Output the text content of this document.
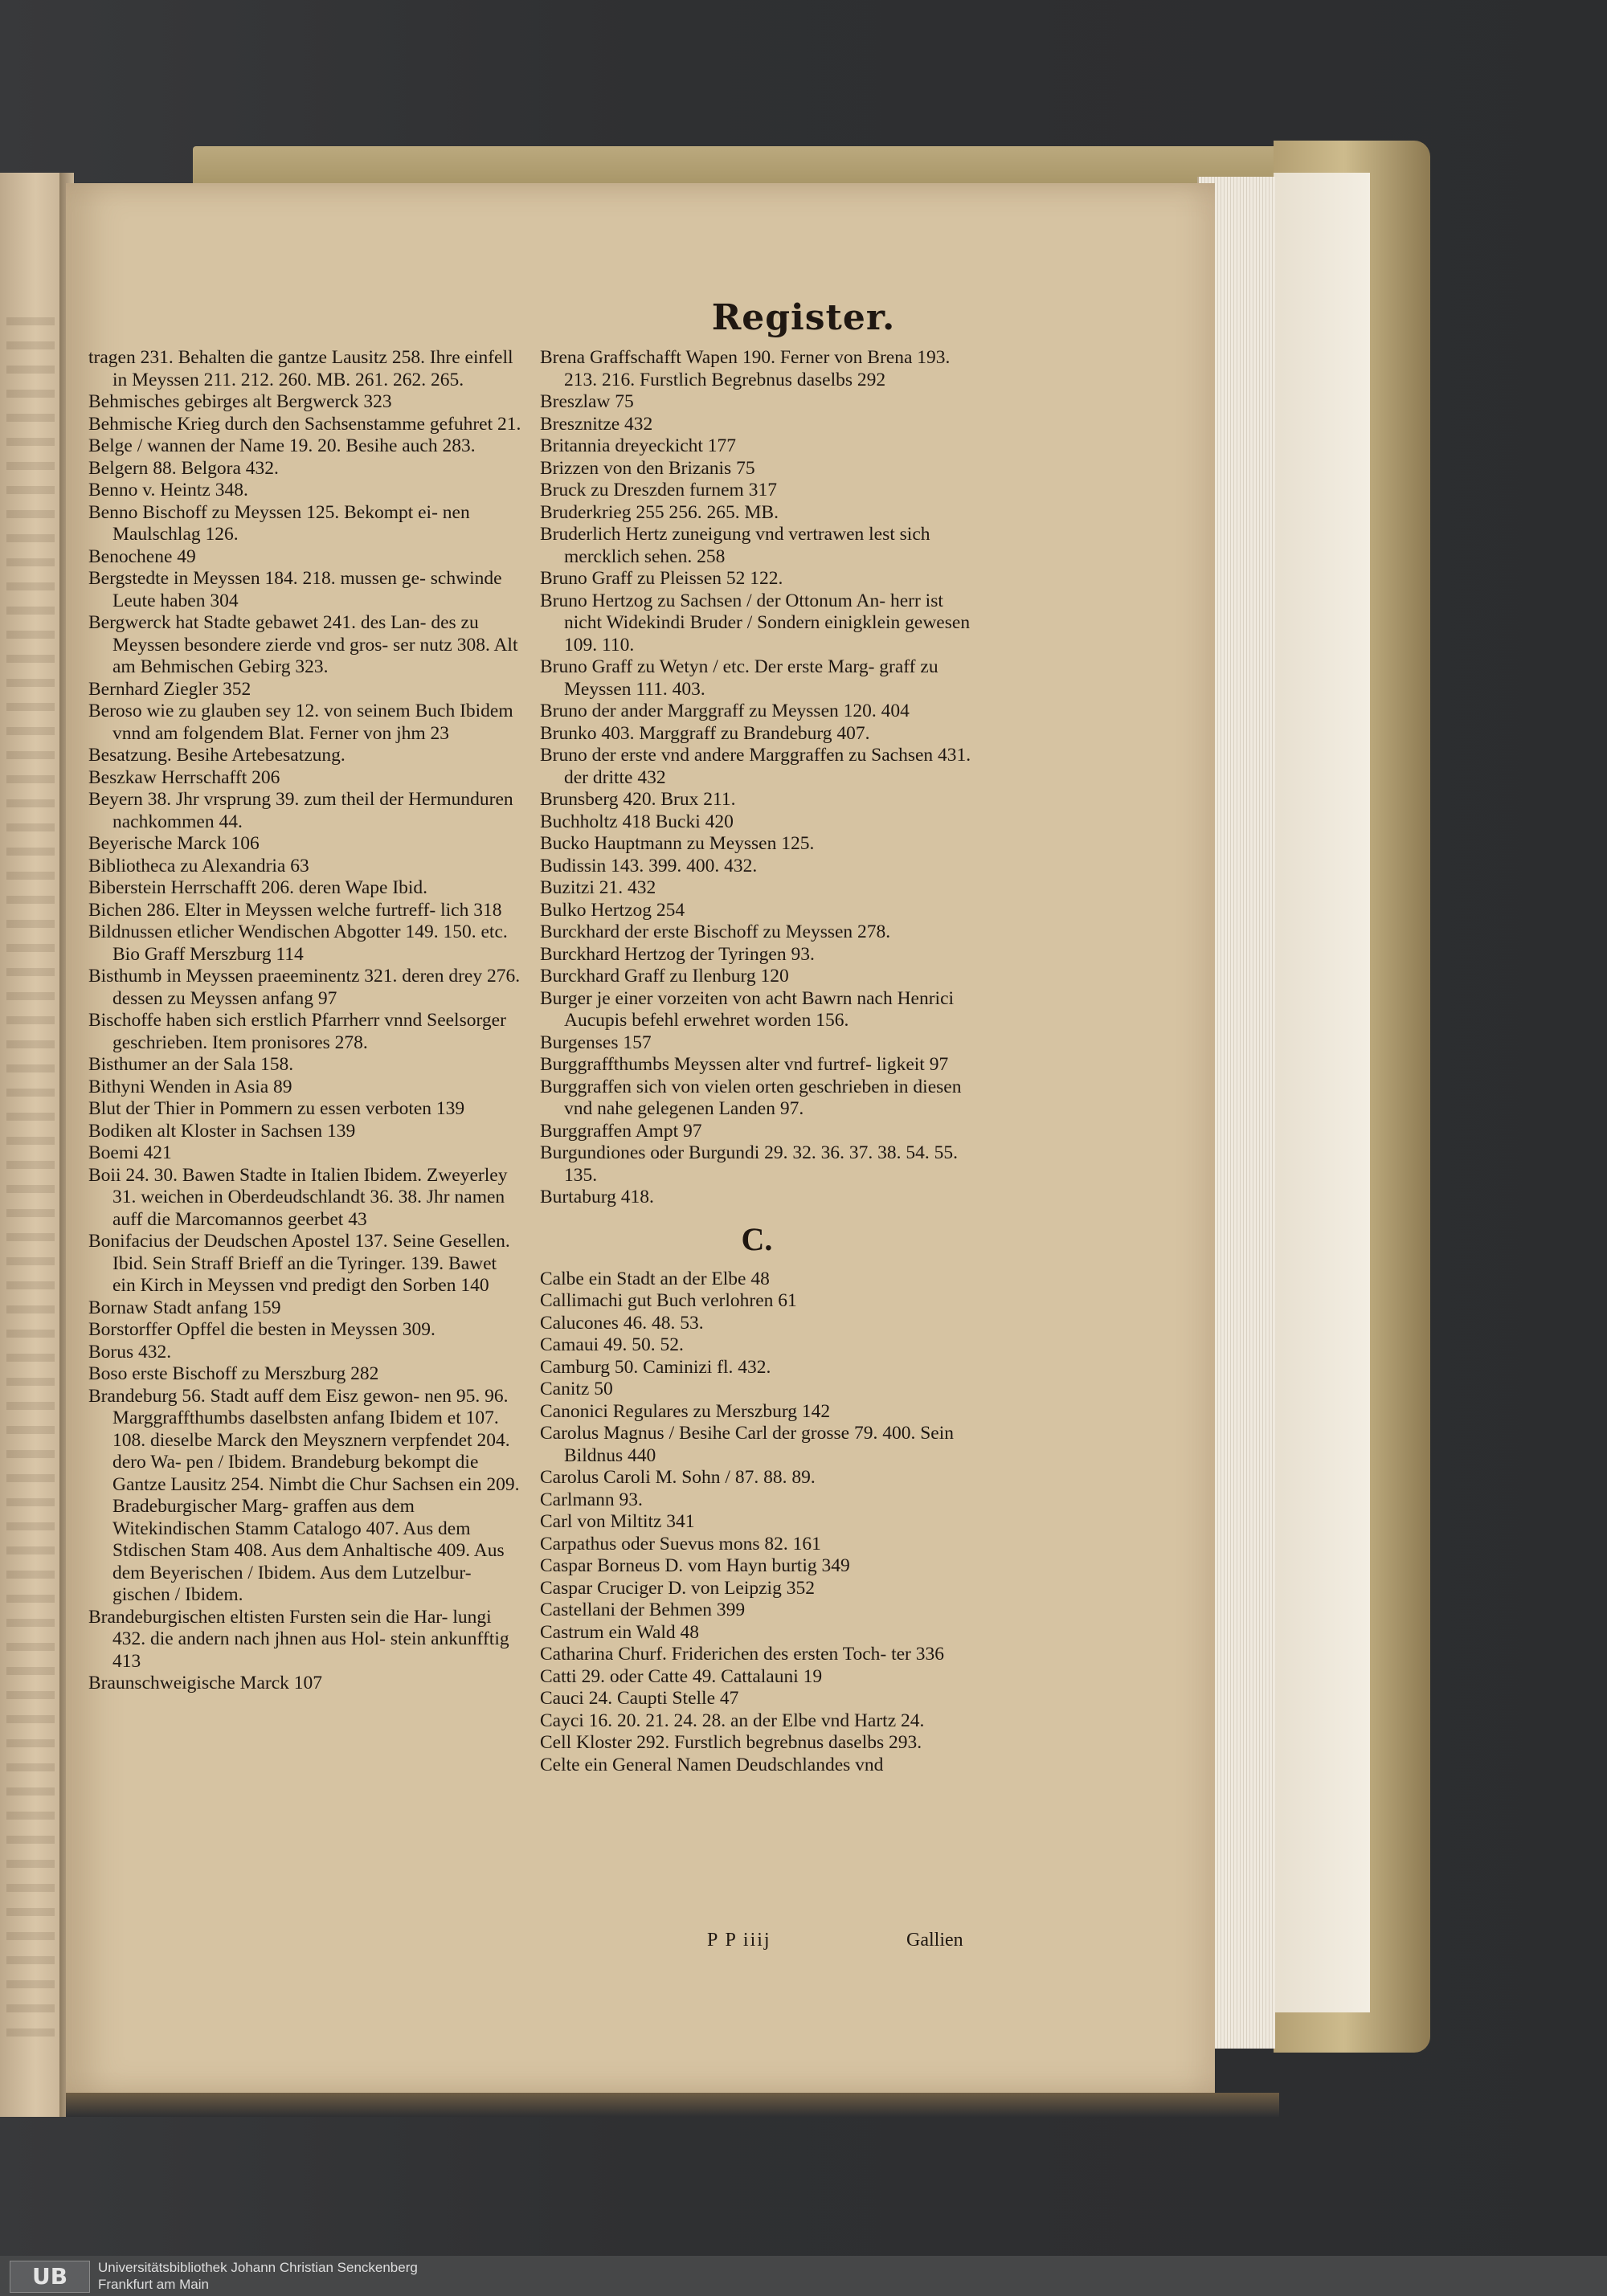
Register.

tragen 231. Behalten die gantze Lausitz 258. Ihre einfell in Meyssen 211. 212. 260. MB. 261. 262. 265.

Behmisches gebirges alt Bergwerck 323

Behmische Krieg durch den Sachsenstamme gefuhret 21.

Belge / wannen der Name 19. 20. Besihe auch 283.

Belgern 88. Belgora 432.

Benno v. Heintz 348.

Benno Bischoff zu Meyssen 125. Bekompt ei- nen Maulschlag 126.

Benochene 49

Bergstedte in Meyssen 184. 218. mussen ge- schwinde Leute haben 304

Bergwerck hat Stadte gebawet 241. des Lan- des zu Meyssen besondere zierde vnd gros- ser nutz 308. Alt am Behmischen Gebirg 323.

Bernhard Ziegler 352

Beroso wie zu glauben sey 12. von seinem Buch Ibidem vnnd am folgendem Blat. Ferner von jhm 23

Besatzung. Besihe Artebesatzung.

Beszkaw Herrschafft 206

Beyern 38. Jhr vrsprung 39. zum theil der Hermunduren nachkommen 44.

Beyerische Marck 106

Bibliotheca zu Alexandria 63

Biberstein Herrschafft 206. deren Wape Ibid.

Bichen 286. Elter in Meyssen welche furtreff- lich 318

Bildnussen etlicher Wendischen Abgotter 149. 150. etc. Bio Graff Merszburg 114

Bisthumb in Meyssen praeeminentz 321. deren drey 276. dessen zu Meyssen anfang 97

Bischoffe haben sich erstlich Pfarrherr vnnd Seelsorger geschrieben. Item pronisores 278.

Bisthumer an der Sala 158.

Bithyni Wenden in Asia 89

Blut der Thier in Pommern zu essen verboten 139

Bodiken alt Kloster in Sachsen 139

Boemi 421

Boii 24. 30. Bawen Stadte in Italien Ibidem. Zweyerley 31. weichen in Oberdeudschlandt 36. 38. Jhr namen auff die Marcomannos geerbet 43

Bonifacius der Deudschen Apostel 137. Seine Gesellen. Ibid. Sein Straff Brieff an die Tyringer. 139. Bawet ein Kirch in Meyssen vnd predigt den Sorben 140

Bornaw Stadt anfang 159

Borstorffer Opffel die besten in Meyssen 309.

Borus 432.

Boso erste Bischoff zu Merszburg 282

Brandeburg 56. Stadt auff dem Eisz gewon- nen 95. 96. Marggraffthumbs daselbsten anfang Ibidem et 107. 108. dieselbe Marck den Meysznern verpfendet 204. dero Wa- pen / Ibidem. Brandeburg bekompt die Gantze Lausitz 254. Nimbt die Chur Sachsen ein 209. Bradeburgischer Marg- graffen aus dem Witekindischen Stamm Catalogo 407. Aus dem Stdischen Stam 408. Aus dem Anhaltische 409. Aus dem Beyerischen / Ibidem. Aus dem Lutzelbur- gischen / Ibidem.

Brandeburgischen eltisten Fursten sein die Har- lungi 432. die andern nach jhnen aus Hol- stein ankunfftig 413

Braunschweigische Marck 107

Brena Graffschafft Wapen 190. Ferner von Brena 193. 213. 216. Furstlich Begrebnus daselbs 292

Breszlaw 75

Bresznitze 432

Britannia dreyeckicht 177

Brizzen von den Brizanis 75

Bruck zu Dreszden furnem 317

Bruderkrieg 255 256. 265. MB.

Bruderlich Hertz zuneigung vnd vertrawen lest sich mercklich sehen. 258

Bruno Graff zu Pleissen 52 122.

Bruno Hertzog zu Sachsen / der Ottonum An- herr ist nicht Widekindi Bruder / Sondern einigklein gewesen 109. 110.

Bruno Graff zu Wetyn / etc. Der erste Marg- graff zu Meyssen 111. 403.

Bruno der ander Marggraff zu Meyssen 120. 404

Brunko 403. Marggraff zu Brandeburg 407.

Bruno der erste vnd andere Marggraffen zu Sachsen 431. der dritte 432

Brunsberg 420. Brux 211.

Buchholtz 418 Bucki 420

Bucko Hauptmann zu Meyssen 125.

Budissin 143. 399. 400. 432.

Buzitzi 21. 432

Bulko Hertzog 254

Burckhard der erste Bischoff zu Meyssen 278.

Burckhard Hertzog der Tyringen 93.

Burckhard Graff zu Ilenburg 120

Burger je einer vorzeiten von acht Bawrn nach Henrici Aucupis befehl erwehret worden 156.

Burgenses 157

Burggraffthumbs Meyssen alter vnd furtref- ligkeit 97

Burggraffen sich von vielen orten geschrieben in diesen vnd nahe gelegenen Landen 97.

Burggraffen Ampt 97

Burgundiones oder Burgundi 29. 32. 36. 37. 38. 54. 55. 135.

Burtaburg 418.

C.

Calbe ein Stadt an der Elbe 48

Callimachi gut Buch verlohren 61

Calucones 46. 48. 53.

Camaui 49. 50. 52.

Camburg 50. Caminizi fl. 432.

Canitz 50

Canonici Regulares zu Merszburg 142

Carolus Magnus / Besihe Carl der grosse 79. 400. Sein Bildnus 440

Carolus Caroli M. Sohn / 87. 88. 89.

Carlmann 93.

Carl von Miltitz 341

Carpathus oder Suevus mons 82. 161

Caspar Borneus D. vom Hayn burtig 349

Caspar Cruciger D. von Leipzig 352

Castellani der Behmen 399

Castrum ein Wald 48

Catharina Churf. Friderichen des ersten Toch- ter 336

Catti 29. oder Catte 49. Cattalauni 19

Cauci 24. Caupti Stelle 47

Cayci 16. 20. 21. 24. 28. an der Elbe vnd Hartz 24.

Cell Kloster 292. Furstlich begrebnus daselbs 293.

Celte ein General Namen Deudschlandes vnd

P P iiij	Gallien
UB	Universitätsbibliothek Johann Christian Senckenberg
Frankfurt am Main
